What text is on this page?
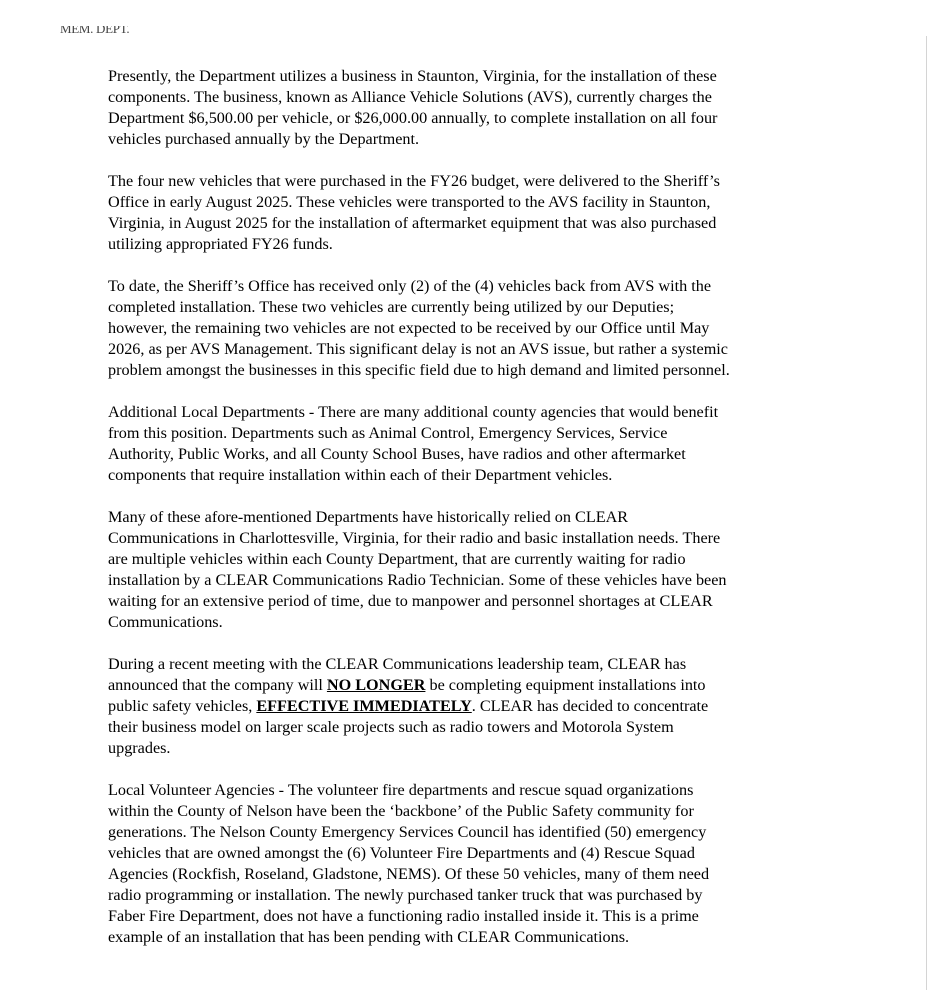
MEM. DEPT.

Presently, the Department utilizes a business in Staunton, Virginia, for the installation of these
components. The business, known as Alliance Vehicle Solutions (AVS), currently charges the
Department $6,500.00 per vehicle, or $26,000.00 annually, to complete installation on all four
vehicles purchased annually by the Department.

The four new vehicles that were purchased in the FY26 budget, were delivered to the Sheriff’s
Office in early August 2025. These vehicles were transported to the AVS facility in Staunton,
Virginia, in August 2025 for the installation of aftermarket equipment that was also purchased
utilizing appropriated FY26 funds.

To date, the Sheriff’s Office has received only (2) of the (4) vehicles back from AVS with the
completed installation. These two vehicles are currently being utilized by our Deputies;
however, the remaining two vehicles are not expected to be received by our Office until May
2026, as per AVS Management. This significant delay is not an AVS issue, but rather a systemic
problem amongst the businesses in this specific field due to high demand and limited personnel.

Additional Local Departments - There are many additional county agencies that would benefit
from this position. Departments such as Animal Control, Emergency Services, Service
Authority, Public Works, and all County School Buses, have radios and other aftermarket
components that require installation within each of their Department vehicles.

Many of these afore-mentioned Departments have historically relied on CLEAR
Communications in Charlottesville, Virginia, for their radio and basic installation needs. There
are multiple vehicles within each County Department, that are currently waiting for radio
installation by a CLEAR Communications Radio Technician. Some of these vehicles have been
waiting for an extensive period of time, due to manpower and personnel shortages at CLEAR
Communications.

During a recent meeting with the CLEAR Communications leadership team, CLEAR has
announced that the company will NO LONGER be completing equipment installations into
public safety vehicles, EFFECTIVE IMMEDIATELY. CLEAR has decided to concentrate
their business model on larger scale projects such as radio towers and Motorola System
upgrades.

Local Volunteer Agencies - The volunteer fire departments and rescue squad organizations
within the County of Nelson have been the ‘backbone’ of the Public Safety community for
generations. The Nelson County Emergency Services Council has identified (50) emergency
vehicles that are owned amongst the (6) Volunteer Fire Departments and (4) Rescue Squad
Agencies (Rockfish, Roseland, Gladstone, NEMS). Of these 50 vehicles, many of them need
radio programming or installation. The newly purchased tanker truck that was purchased by
Faber Fire Department, does not have a functioning radio installed inside it. This is a prime
example of an installation that has been pending with CLEAR Communications.
